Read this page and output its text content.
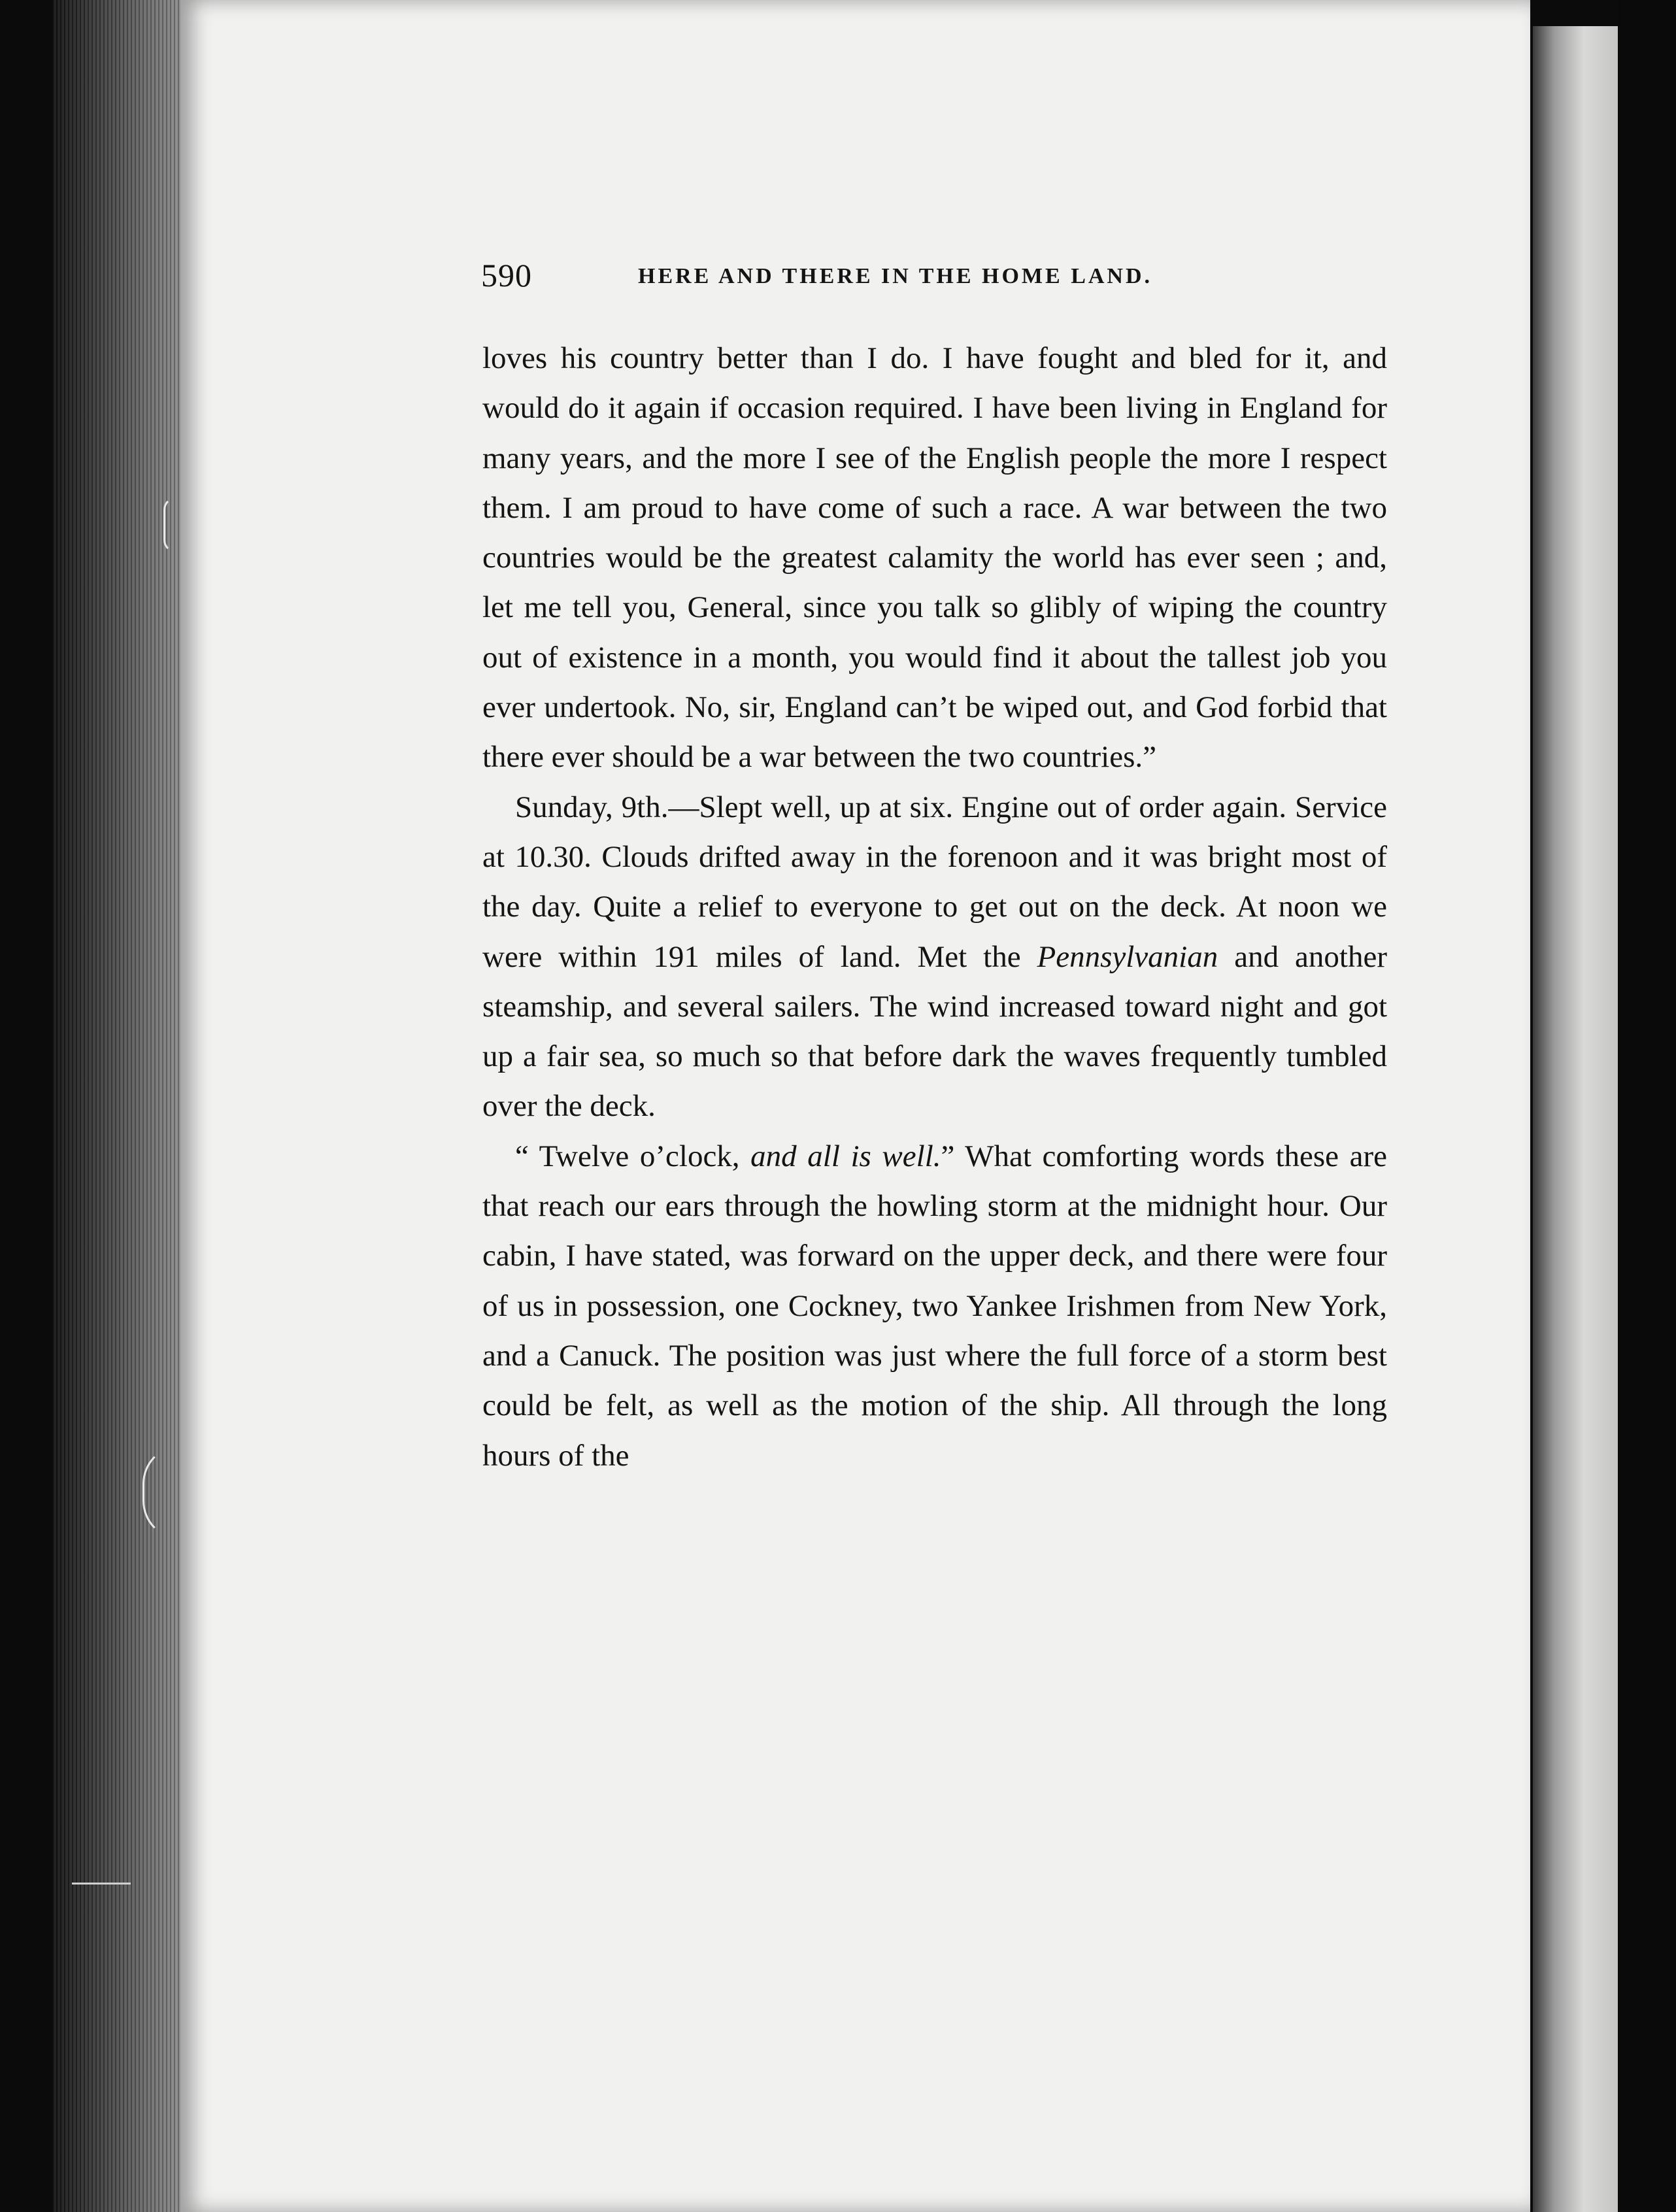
590	HERE AND THERE IN THE HOME LAND.

loves his country better than I do. I have fought and bled for it, and would do it again if occasion required. I have been living in England for many years, and the more I see of the English people the more I respect them. I am proud to have come of such a race. A war between the two countries would be the greatest calamity the world has ever seen ; and, let me tell you, General, since you talk so glibly of wiping the country out of existence in a month, you would find it about the tallest job you ever undertook. No, sir, England can’t be wiped out, and God forbid that there ever should be a war between the two countries.”

Sunday, 9th.—Slept well, up at six. Engine out of order again. Service at 10.30. Clouds drifted away in the forenoon and it was bright most of the day. Quite a relief to everyone to get out on the deck. At noon we were within 191 miles of land. Met the Pennsylvanian and another steamship, and several sailers. The wind increased toward night and got up a fair sea, so much so that before dark the waves frequently tumbled over the deck.

“ Twelve o’clock, and all is well.” What comforting words these are that reach our ears through the howling storm at the midnight hour. Our cabin, I have stated, was forward on the upper deck, and there were four of us in possession, one Cockney, two Yankee Irishmen from New York, and a Canuck. The position was just where the full force of a storm best could be felt, as well as the motion of the ship. All through the long hours of the
